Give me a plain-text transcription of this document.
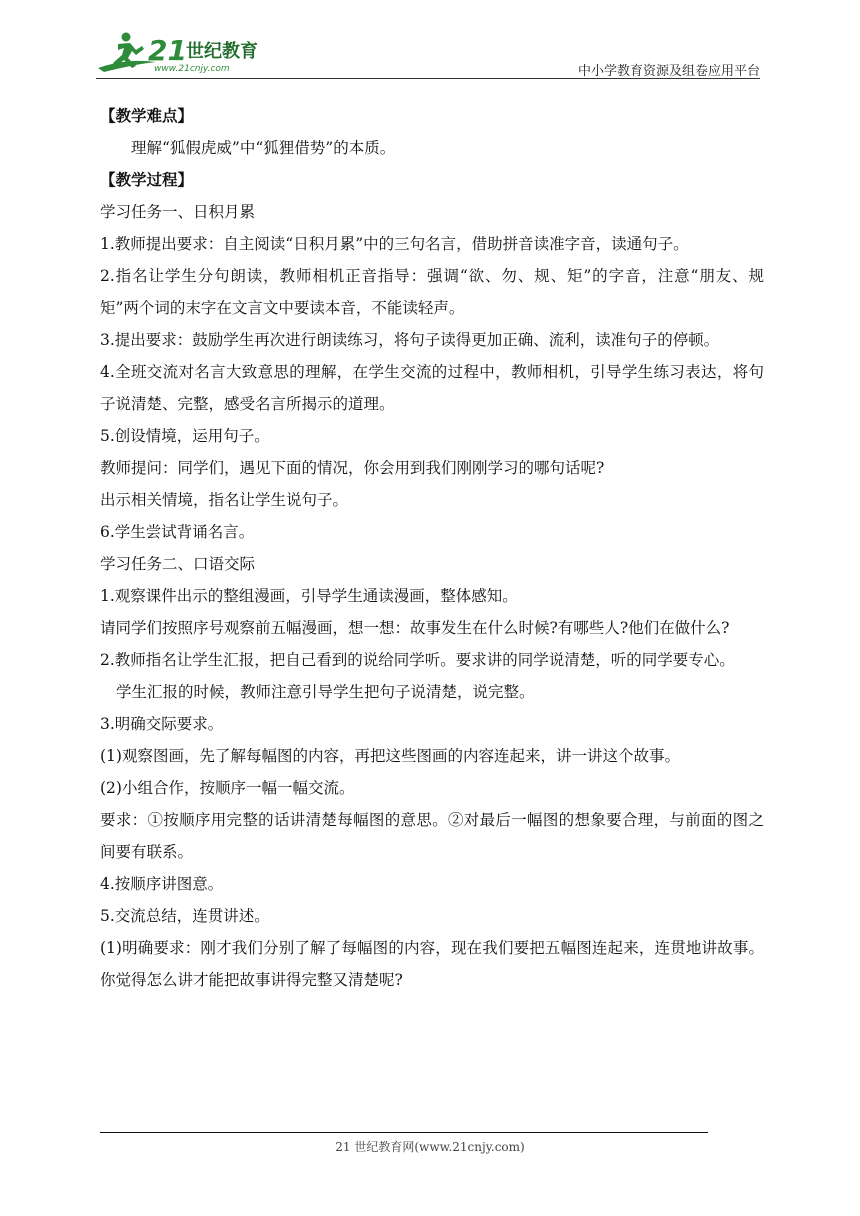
21 世纪教育
www.21cnjy.com	中小学教育资源及组卷应用平台

【教学难点】

理解“狐假虎威”中“狐狸借势”的本质。

【教学过程】

学习任务一、日积月累

1.教师提出要求：自主阅读“日积月累”中的三句名言，借助拼音读准字音，读通句子。

2.指名让学生分句朗读，教师相机正音指导：强调“欲、勿、规、矩”的字音，注意“朋友、规矩”两个词的末字在文言文中要读本音，不能读轻声。

3.提出要求：鼓励学生再次进行朗读练习，将句子读得更加正确、流利，读准句子的停顿。

4.全班交流对名言大致意思的理解，在学生交流的过程中，教师相机，引导学生练习表达，将句子说清楚、完整，感受名言所揭示的道理。

5.创设情境，运用句子。

教师提问：同学们，遇见下面的情况，你会用到我们刚刚学习的哪句话呢?

出示相关情境，指名让学生说句子。

6.学生尝试背诵名言。

学习任务二、口语交际

1.观察课件出示的整组漫画，引导学生通读漫画，整体感知。

请同学们按照序号观察前五幅漫画，想一想：故事发生在什么时候?有哪些人?他们在做什么?

2.教师指名让学生汇报，把自己看到的说给同学听。要求讲的同学说清楚，听的同学要专心。

学生汇报的时候，教师注意引导学生把句子说清楚，说完整。

3.明确交际要求。

(1)观察图画，先了解每幅图的内容，再把这些图画的内容连起来，讲一讲这个故事。

(2)小组合作，按顺序一幅一幅交流。

要求：①按顺序用完整的话讲清楚每幅图的意思。②对最后一幅图的想象要合理，与前面的图之间要有联系。

4.按顺序讲图意。

5.交流总结，连贯讲述。

(1)明确要求：刚才我们分别了解了每幅图的内容，现在我们要把五幅图连起来，连贯地讲故事。你觉得怎么讲才能把故事讲得完整又清楚呢?

21 世纪教育网(www.21cnjy.com)
